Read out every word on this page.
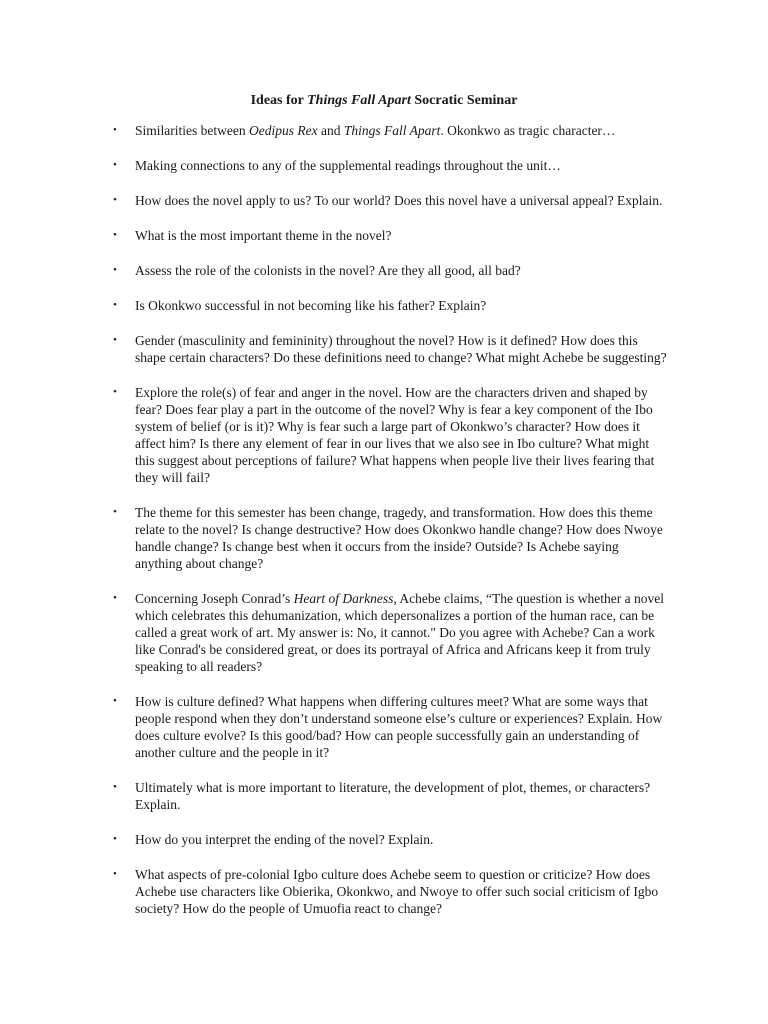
Ideas for Things Fall Apart Socratic Seminar
• Similarities between Oedipus Rex and Things Fall Apart. Okonkwo as tragic character…
• Making connections to any of the supplemental readings throughout the unit…
• How does the novel apply to us? To our world? Does this novel have a universal appeal? Explain.
• What is the most important theme in the novel?
• Assess the role of the colonists in the novel? Are they all good, all bad?
• Is Okonkwo successful in not becoming like his father? Explain?
• Gender (masculinity and femininity) throughout the novel? How is it defined? How does this shape certain characters? Do these definitions need to change? What might Achebe be suggesting?
• Explore the role(s) of fear and anger in the novel. How are the characters driven and shaped by fear? Does fear play a part in the outcome of the novel? Why is fear a key component of the Ibo system of belief (or is it)? Why is fear such a large part of Okonkwo’s character? How does it affect him? Is there any element of fear in our lives that we also see in Ibo culture? What might this suggest about perceptions of failure? What happens when people live their lives fearing that they will fail?
• The theme for this semester has been change, tragedy, and transformation. How does this theme relate to the novel? Is change destructive? How does Okonkwo handle change? How does Nwoye handle change? Is change best when it occurs from the inside? Outside? Is Achebe saying anything about change?
• Concerning Joseph Conrad’s Heart of Darkness, Achebe claims, “The question is whether a novel which celebrates this dehumanization, which depersonalizes a portion of the human race, can be called a great work of art. My answer is: No, it cannot." Do you agree with Achebe? Can a work like Conrad's be considered great, or does its portrayal of Africa and Africans keep it from truly speaking to all readers?
• How is culture defined? What happens when differing cultures meet? What are some ways that people respond when they don’t understand someone else’s culture or experiences? Explain. How does culture evolve? Is this good/bad? How can people successfully gain an understanding of another culture and the people in it?
• Ultimately what is more important to literature, the development of plot, themes, or characters? Explain.
• How do you interpret the ending of the novel? Explain.
• What aspects of pre-colonial Igbo culture does Achebe seem to question or criticize? How does Achebe use characters like Obierika, Okonkwo, and Nwoye to offer such social criticism of Igbo society? How do the people of Umuofia react to change?
